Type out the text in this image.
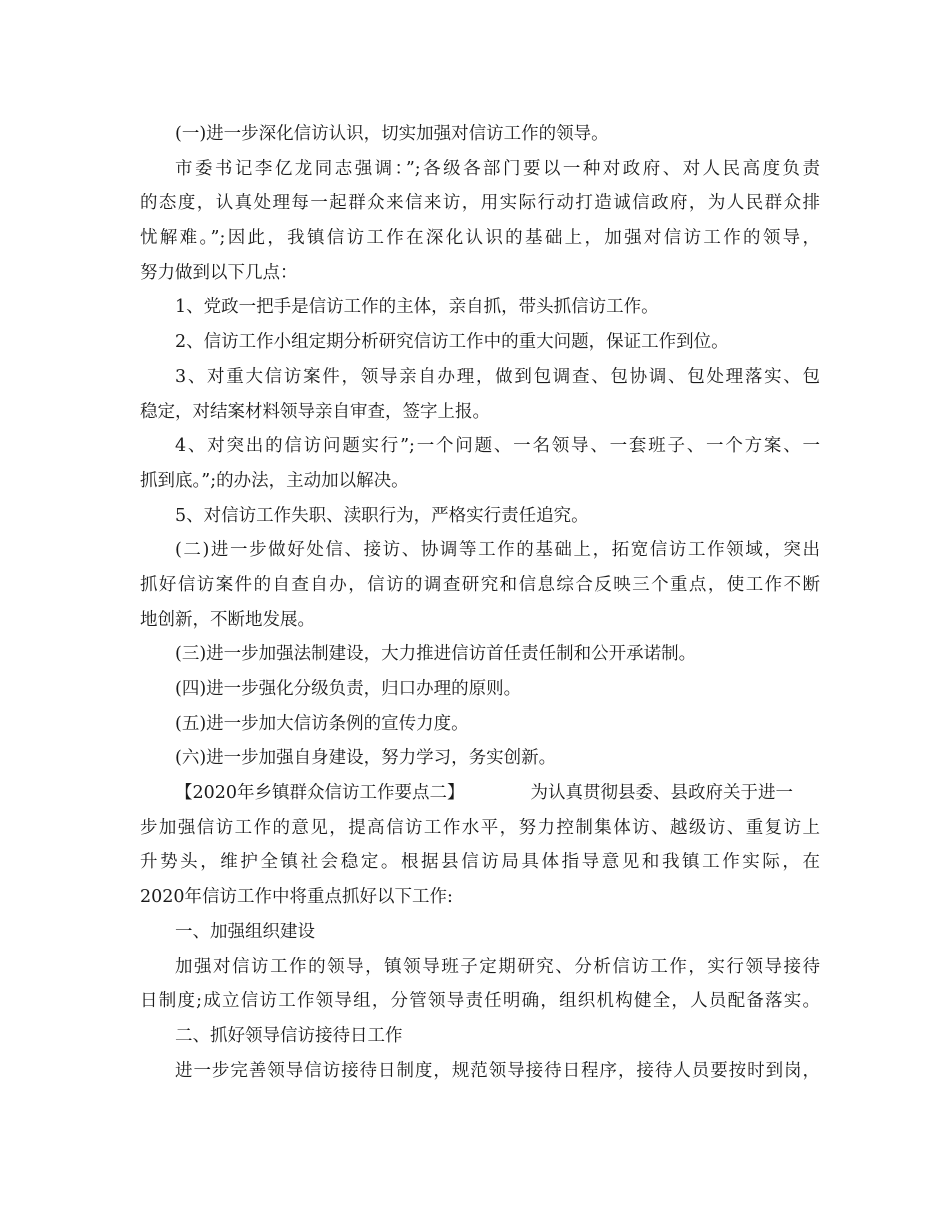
(一)进一步深化信访认识，切实加强对信访工作的领导。
市委书记李亿龙同志强调：”;各级各部门要以一种对政府、对人民高度负责
的态度，认真处理每一起群众来信来访，用实际行动打造诚信政府，为人民群众排
忧解难。”;因此，我镇信访工作在深化认识的基础上，加强对信访工作的领导，
努力做到以下几点：
1、党政一把手是信访工作的主体，亲自抓，带头抓信访工作。
2、信访工作小组定期分析研究信访工作中的重大问题，保证工作到位。
3、对重大信访案件，领导亲自办理，做到包调查、包协调、包处理落实、包
稳定，对结案材料领导亲自审查，签字上报。
4、对突出的信访问题实行”;一个问题、一名领导、一套班子、一个方案、一
抓到底。”;的办法，主动加以解决。
5、对信访工作失职、渎职行为，严格实行责任追究。
(二)进一步做好处信、接访、协调等工作的基础上，拓宽信访工作领域，突出
抓好信访案件的自查自办，信访的调查研究和信息综合反映三个重点，使工作不断
地创新，不断地发展。
(三)进一步加强法制建设，大力推进信访首任责任制和公开承诺制。
(四)进一步强化分级负责，归口办理的原则。
(五)进一步加大信访条例的宣传力度。
(六)进一步加强自身建设，努力学习，务实创新。
【2020年乡镇群众信访工作要点二】	为认真贯彻县委、县政府关于进一
步加强信访工作的意见，提高信访工作水平，努力控制集体访、越级访、重复访上
升势头，维护全镇社会稳定。根据县信访局具体指导意见和我镇工作实际，在
2020年信访工作中将重点抓好以下工作:
一、加强组织建设
加强对信访工作的领导，镇领导班子定期研究、分析信访工作，实行领导接待
日制度;成立信访工作领导组，分管领导责任明确，组织机构健全，人员配备落实。
二、抓好领导信访接待日工作
进一步完善领导信访接待日制度，规范领导接待日程序，接待人员要按时到岗，
